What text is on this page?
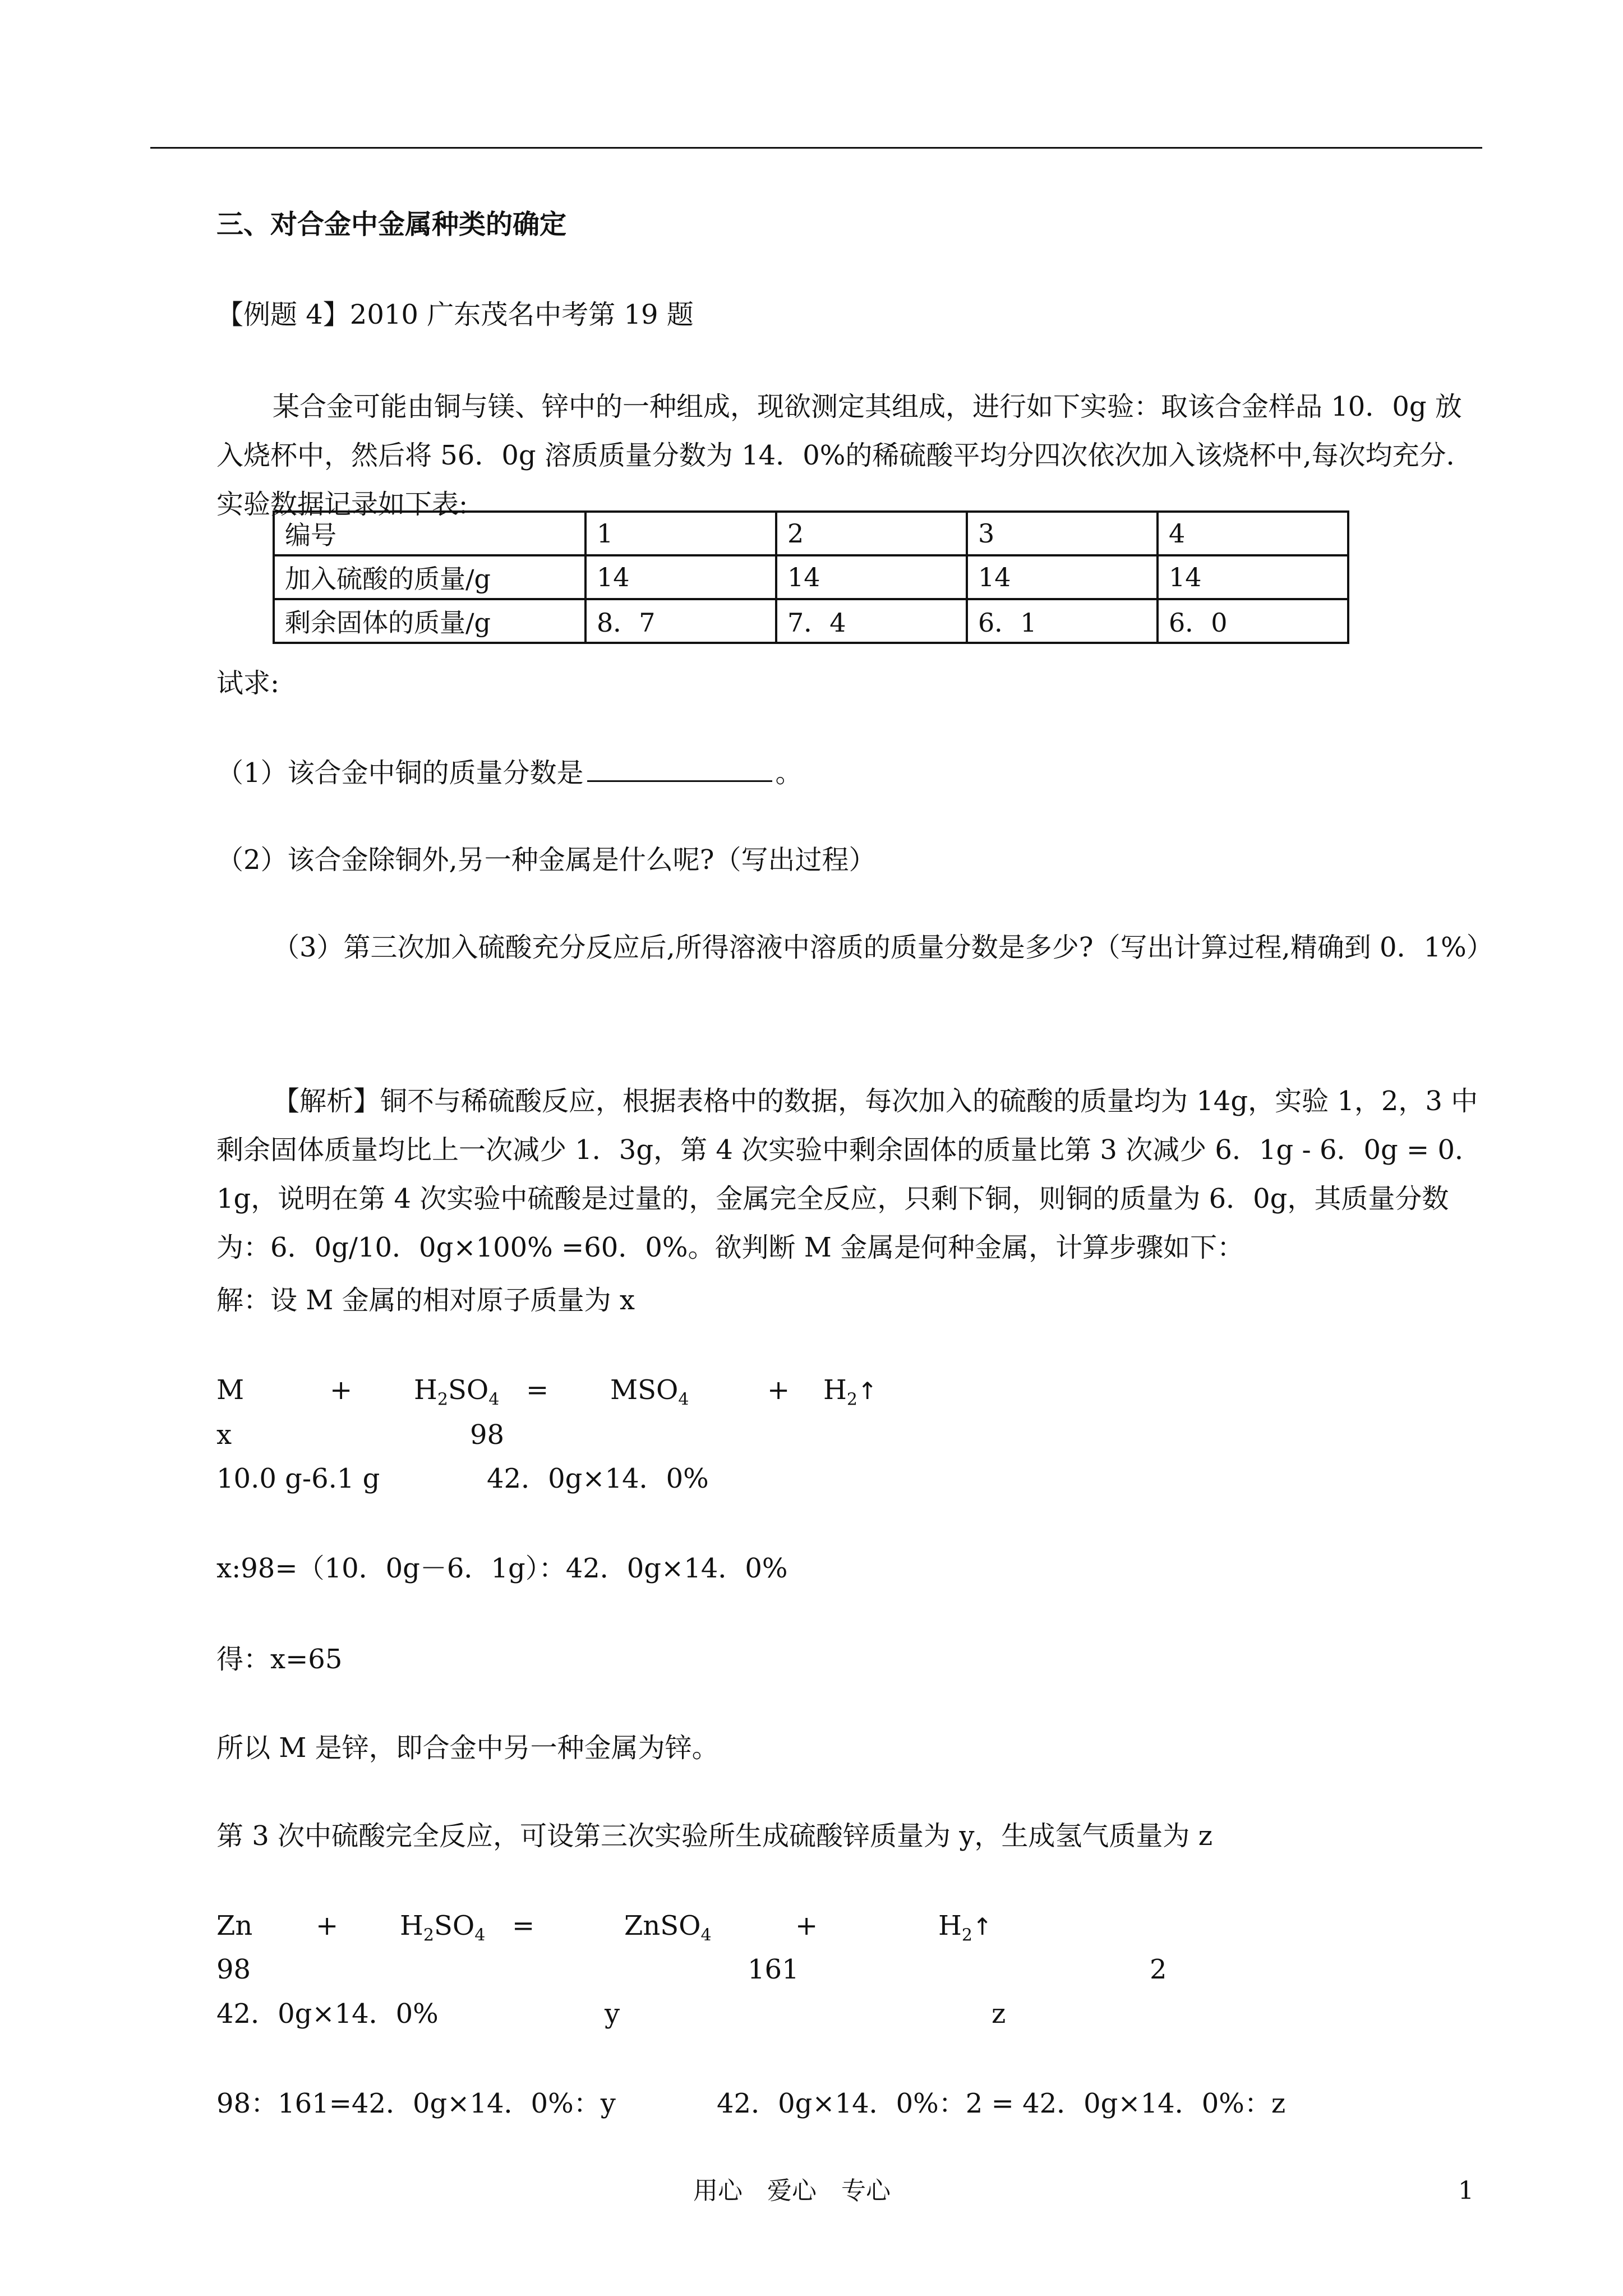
三、对合金中金属种类的确定
【例题 4】2010 广东茂名中考第 19 题
某合金可能由铜与镁、锌中的一种组成，现欲测定其组成，进行如下实验：取该合金样品 10．0g 放入烧杯中，然后将 56．0g 溶质质量分数为 14．0%的稀硫酸平均分四次依次加入该烧杯中,每次均充分．实验数据记录如下表:
编号	1	2	3	4
加入硫酸的质量/g	14	14	14	14
剩余固体的质量/g	8．7	7．4	6．1	6．0
试求:
（1）该合金中铜的质量分数是	。
（2）该合金除铜外,另一种金属是什么呢?（写出过程）
（3）第三次加入硫酸充分反应后,所得溶液中溶质的质量分数是多少?（写出计算过程,精确到 0．1%）
【解析】铜不与稀硫酸反应，根据表格中的数据，每次加入的硫酸的质量均为 14g，实验 1，2，3 中剩余固体质量均比上一次减少 1．3g，第 4 次实验中剩余固体的质量比第 3 次减少 6．1g - 6．0g = 0．1g，说明在第 4 次实验中硫酸是过量的，金属完全反应，只剩下铜，则铜的质量为 6．0g，其质量分数为：6．0g/10．0g×100% =60．0%。欲判断 M 金属是何种金属，计算步骤如下：
解：设 M 金属的相对原子质量为 x
M	+ $H_2SO_4 = MSO_4$	+ $H_2↑$
x	98
10.0 g-6.1 g	42．0g×14．0%
x:98=（10．0g－6．1g）：42．0g×14．0%
得：x=65
所以 M 是锌，即合金中另一种金属为锌。
第 3 次中硫酸完全反应，可设第三次实验所生成硫酸锌质量为 y，生成氢气质量为 z
$Zn + H_2SO_4$ =	ZnSO$_4$	+	$H_2↑$
98	161	2
42．0g×14．0%	y	z
98：161=42．0g×14．0%：y	42．0g×14．0%：2 = 42．0g×14．0%：z
用心　爱心　专心	1
